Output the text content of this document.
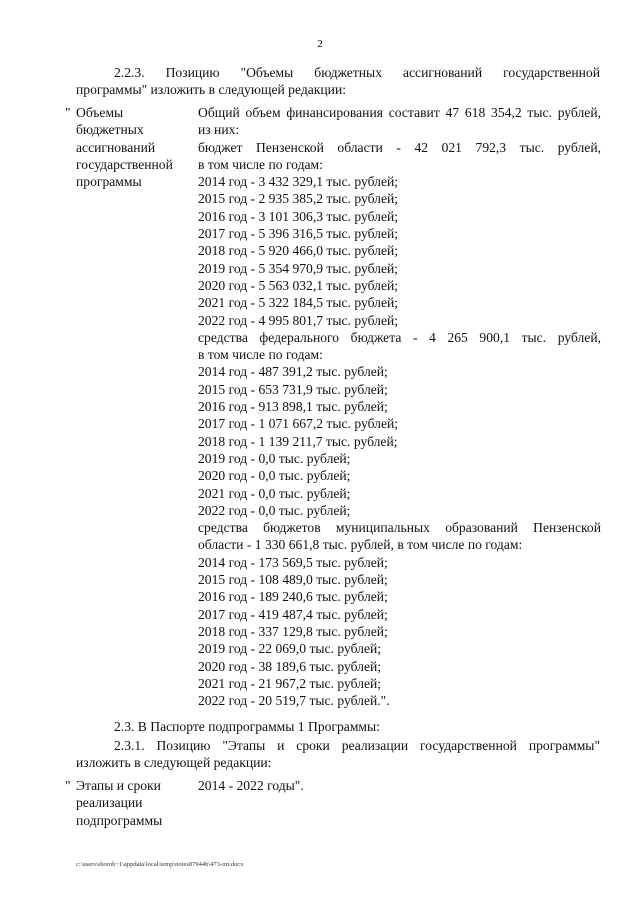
2
2.2.3. Позицию "Объемы бюджетных ассигнований государственной
программы" изложить в следующей редакции:
" Объемы
бюджетных
ассигнований
государственной
программы
Общий объем финансирования составит 47 618 354,2 тыс. рублей,
из них:
бюджет Пензенской области - 42 021 792,3 тыс. рублей,
в том числе по годам:
2014 год - 3 432 329,1 тыс. рублей;
2015 год - 2 935 385,2 тыс. рублей;
2016 год - 3 101 306,3 тыс. рублей;
2017 год - 5 396 316,5 тыс. рублей;
2018 год - 5 920 466,0 тыс. рублей;
2019 год - 5 354 970,9 тыс. рублей;
2020 год - 5 563 032,1 тыс. рублей;
2021 год - 5 322 184,5 тыс. рублей;
2022 год - 4 995 801,7 тыс. рублей;
средства федерального бюджета - 4 265 900,1 тыс. рублей,
в том числе по годам:
2014 год - 487 391,2 тыс. рублей;
2015 год - 653 731,9 тыс. рублей;
2016 год - 913 898,1 тыс. рублей;
2017 год - 1 071 667,2 тыс. рублей;
2018 год - 1 139 211,7 тыс. рублей;
2019 год - 0,0 тыс. рублей;
2020 год - 0,0 тыс. рублей;
2021 год - 0,0 тыс. рублей;
2022 год - 0,0 тыс. рублей;
средства бюджетов муниципальных образований Пензенской
области - 1 330 661,8 тыс. рублей, в том числе по годам:
2014 год - 173 569,5 тыс. рублей;
2015 год - 108 489,0 тыс. рублей;
2016 год - 189 240,6 тыс. рублей;
2017 год - 419 487,4 тыс. рублей;
2018 год - 337 129,8 тыс. рублей;
2019 год - 22 069,0 тыс. рублей;
2020 год - 38 189,6 тыс. рублей;
2021 год - 21 967,2 тыс. рублей;
2022 год - 20 519,7 тыс. рублей.".
2.3. В Паспорте подпрограммы 1 Программы:
2.3.1. Позицию "Этапы и сроки реализации государственной программы"
изложить в следующей редакции:
" Этапы и сроки
реализации
подпрограммы
2014 - 2022 годы".
c:\users\shorob~1\appdata\local\temp\notes87944b\473-пп.docx
